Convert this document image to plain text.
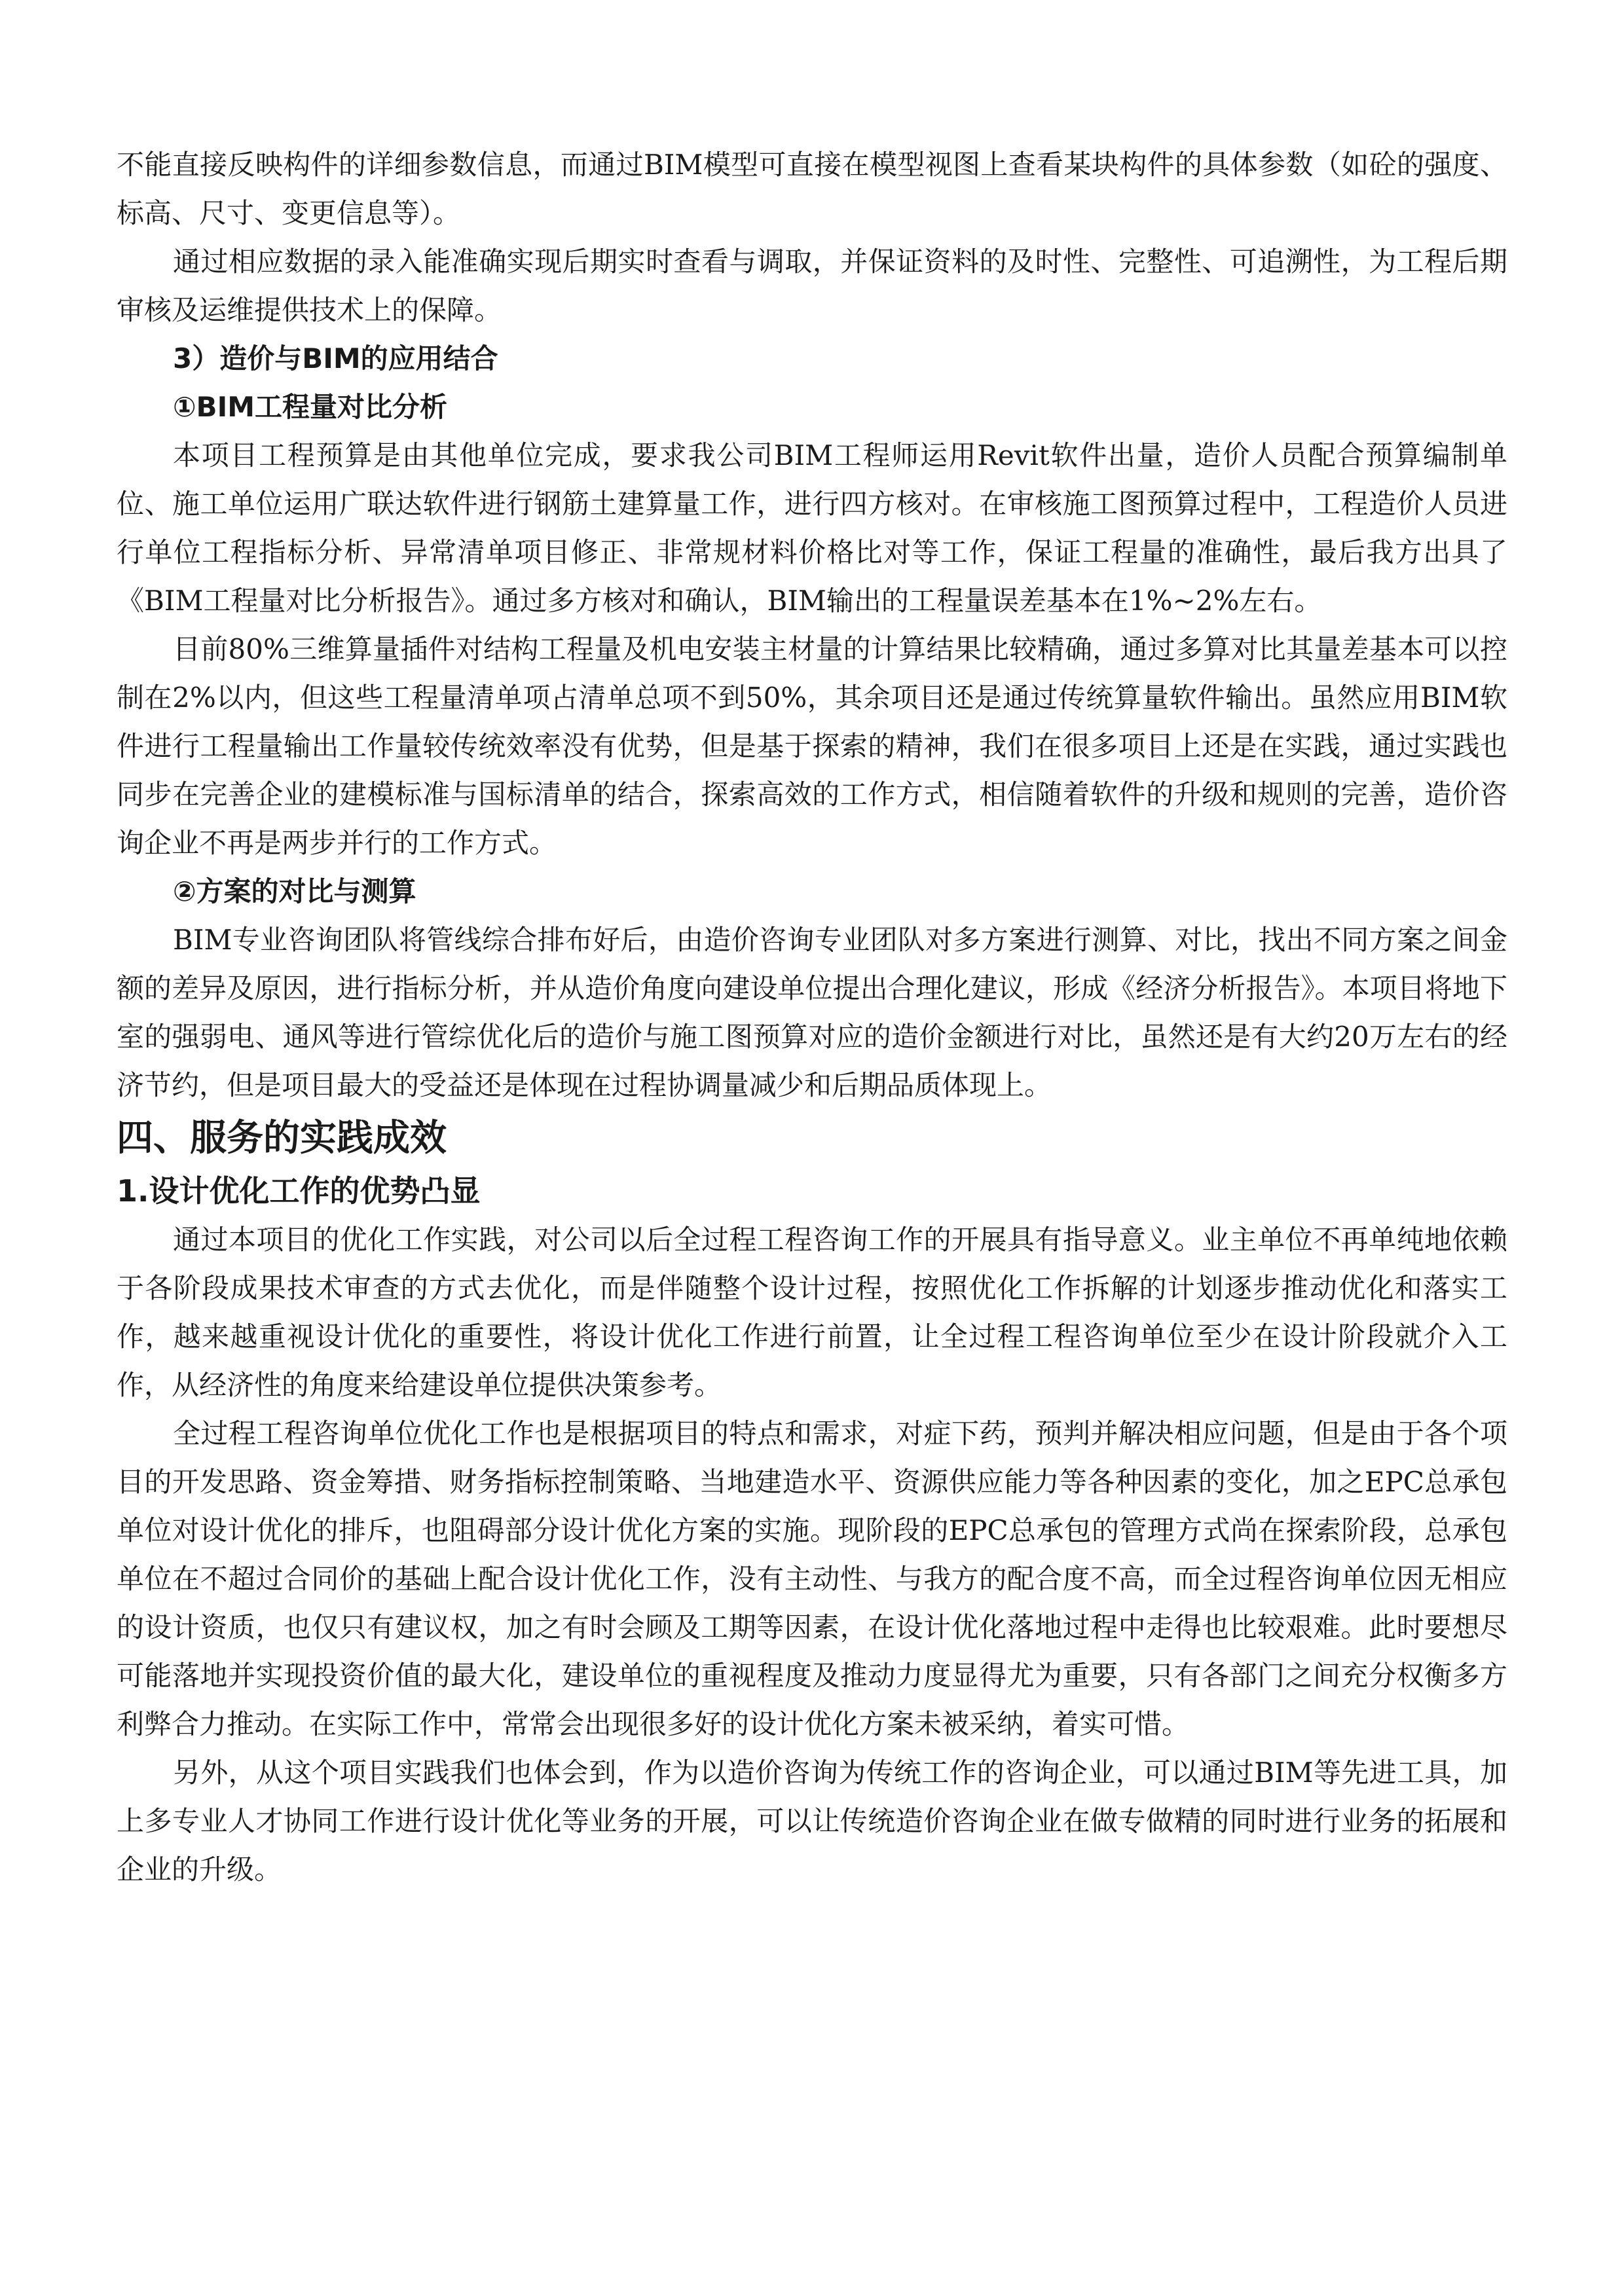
不能直接反映构件的详细参数信息，而通过BIM模型可直接在模型视图上查看某块构件的具体参数（如砼的强度、标高、尺寸、变更信息等）。

通过相应数据的录入能准确实现后期实时查看与调取，并保证资料的及时性、完整性、可追溯性，为工程后期审核及运维提供技术上的保障。

3）造价与BIM的应用结合

①BIM工程量对比分析

本项目工程预算是由其他单位完成，要求我公司BIM工程师运用Revit软件出量，造价人员配合预算编制单位、施工单位运用广联达软件进行钢筋土建算量工作，进行四方核对。在审核施工图预算过程中，工程造价人员进行单位工程指标分析、异常清单项目修正、非常规材料价格比对等工作，保证工程量的准确性，最后我方出具了《BIM工程量对比分析报告》。通过多方核对和确认，BIM输出的工程量误差基本在1%~2%左右。

目前80%三维算量插件对结构工程量及机电安装主材量的计算结果比较精确，通过多算对比其量差基本可以控制在2%以内，但这些工程量清单项占清单总项不到50%，其余项目还是通过传统算量软件输出。虽然应用BIM软件进行工程量输出工作量较传统效率没有优势，但是基于探索的精神，我们在很多项目上还是在实践，通过实践也同步在完善企业的建模标准与国标清单的结合，探索高效的工作方式，相信随着软件的升级和规则的完善，造价咨询企业不再是两步并行的工作方式。

②方案的对比与测算

BIM专业咨询团队将管线综合排布好后，由造价咨询专业团队对多方案进行测算、对比，找出不同方案之间金额的差异及原因，进行指标分析，并从造价角度向建设单位提出合理化建议，形成《经济分析报告》。本项目将地下室的强弱电、通风等进行管综优化后的造价与施工图预算对应的造价金额进行对比，虽然还是有大约20万左右的经济节约，但是项目最大的受益还是体现在过程协调量减少和后期品质体现上。

四、服务的实践成效

1.设计优化工作的优势凸显

通过本项目的优化工作实践，对公司以后全过程工程咨询工作的开展具有指导意义。业主单位不再单纯地依赖于各阶段成果技术审查的方式去优化，而是伴随整个设计过程，按照优化工作拆解的计划逐步推动优化和落实工作，越来越重视设计优化的重要性，将设计优化工作进行前置，让全过程工程咨询单位至少在设计阶段就介入工作，从经济性的角度来给建设单位提供决策参考。

全过程工程咨询单位优化工作也是根据项目的特点和需求，对症下药，预判并解决相应问题，但是由于各个项目的开发思路、资金筹措、财务指标控制策略、当地建造水平、资源供应能力等各种因素的变化，加之EPC总承包单位对设计优化的排斥，也阻碍部分设计优化方案的实施。现阶段的EPC总承包的管理方式尚在探索阶段，总承包单位在不超过合同价的基础上配合设计优化工作，没有主动性、与我方的配合度不高，而全过程咨询单位因无相应的设计资质，也仅只有建议权，加之有时会顾及工期等因素，在设计优化落地过程中走得也比较艰难。此时要想尽可能落地并实现投资价值的最大化，建设单位的重视程度及推动力度显得尤为重要，只有各部门之间充分权衡多方利弊合力推动。在实际工作中，常常会出现很多好的设计优化方案未被采纳，着实可惜。

另外，从这个项目实践我们也体会到，作为以造价咨询为传统工作的咨询企业，可以通过BIM等先进工具，加上多专业人才协同工作进行设计优化等业务的开展，可以让传统造价咨询企业在做专做精的同时进行业务的拓展和企业的升级。
